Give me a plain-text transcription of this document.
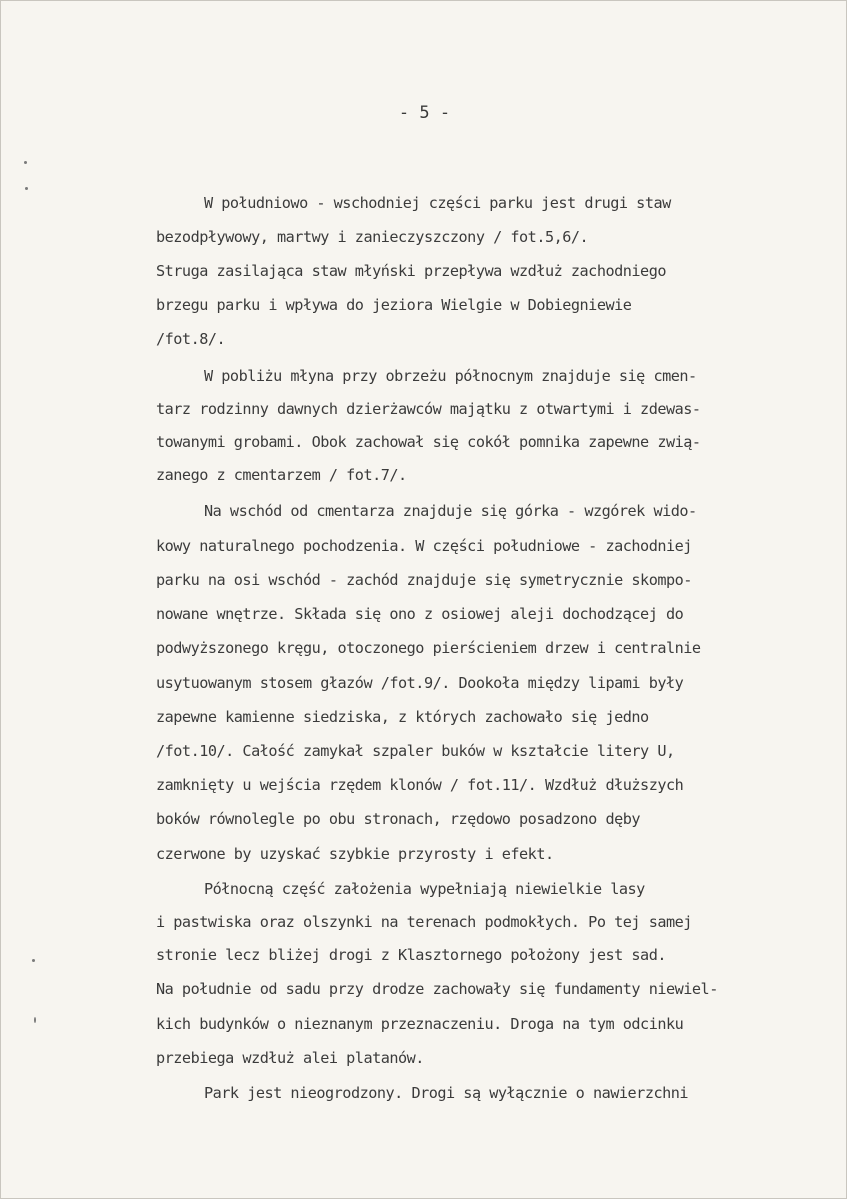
- 5 -
W południowo - wschodniej części parku jest drugi staw
bezodpływowy, martwy i zanieczyszczony / fot.5,6/.
Struga zasilająca staw młyński przepływa wzdłuż zachodniego
brzegu parku i wpływa do jeziora Wielgie w Dobiegniewie
/fot.8/.
W pobliżu młyna przy obrzeżu północnym znajduje się cmen-
tarz rodzinny dawnych dzierżawców majątku z otwartymi i zdewas-
towanymi grobami. Obok zachował się cokół pomnika zapewne zwią-
zanego z cmentarzem / fot.7/.
Na wschód od cmentarza znajduje się górka - wzgórek wido-
kowy naturalnego pochodzenia. W części południowe - zachodniej
parku na osi wschód - zachód znajduje się symetrycznie skompo-
nowane wnętrze. Składa się ono z osiowej aleji dochodzącej do
podwyższonego kręgu, otoczonego pierścieniem drzew i centralnie
usytuowanym stosem głazów /fot.9/. Dookoła między lipami były
zapewne kamienne siedziska, z których zachowało się jedno
/fot.10/. Całość zamykał szpaler buków w kształcie litery U,
zamknięty u wejścia rzędem klonów / fot.11/. Wzdłuż dłuższych
boków równolegle po obu stronach, rzędowo posadzono dęby
czerwone by uzyskać szybkie przyrosty i efekt.
Północną część założenia wypełniają niewielkie lasy
i pastwiska oraz olszynki na terenach podmokłych. Po tej samej
stronie lecz bliżej drogi z Klasztornego położony jest sad.
Na południe od sadu przy drodze zachowały się fundamenty niewiel-
kich budynków o nieznanym przeznaczeniu. Droga na tym odcinku
przebiega wzdłuż alei platanów.
Park jest nieogrodzony. Drogi są wyłącznie o nawierzchni
